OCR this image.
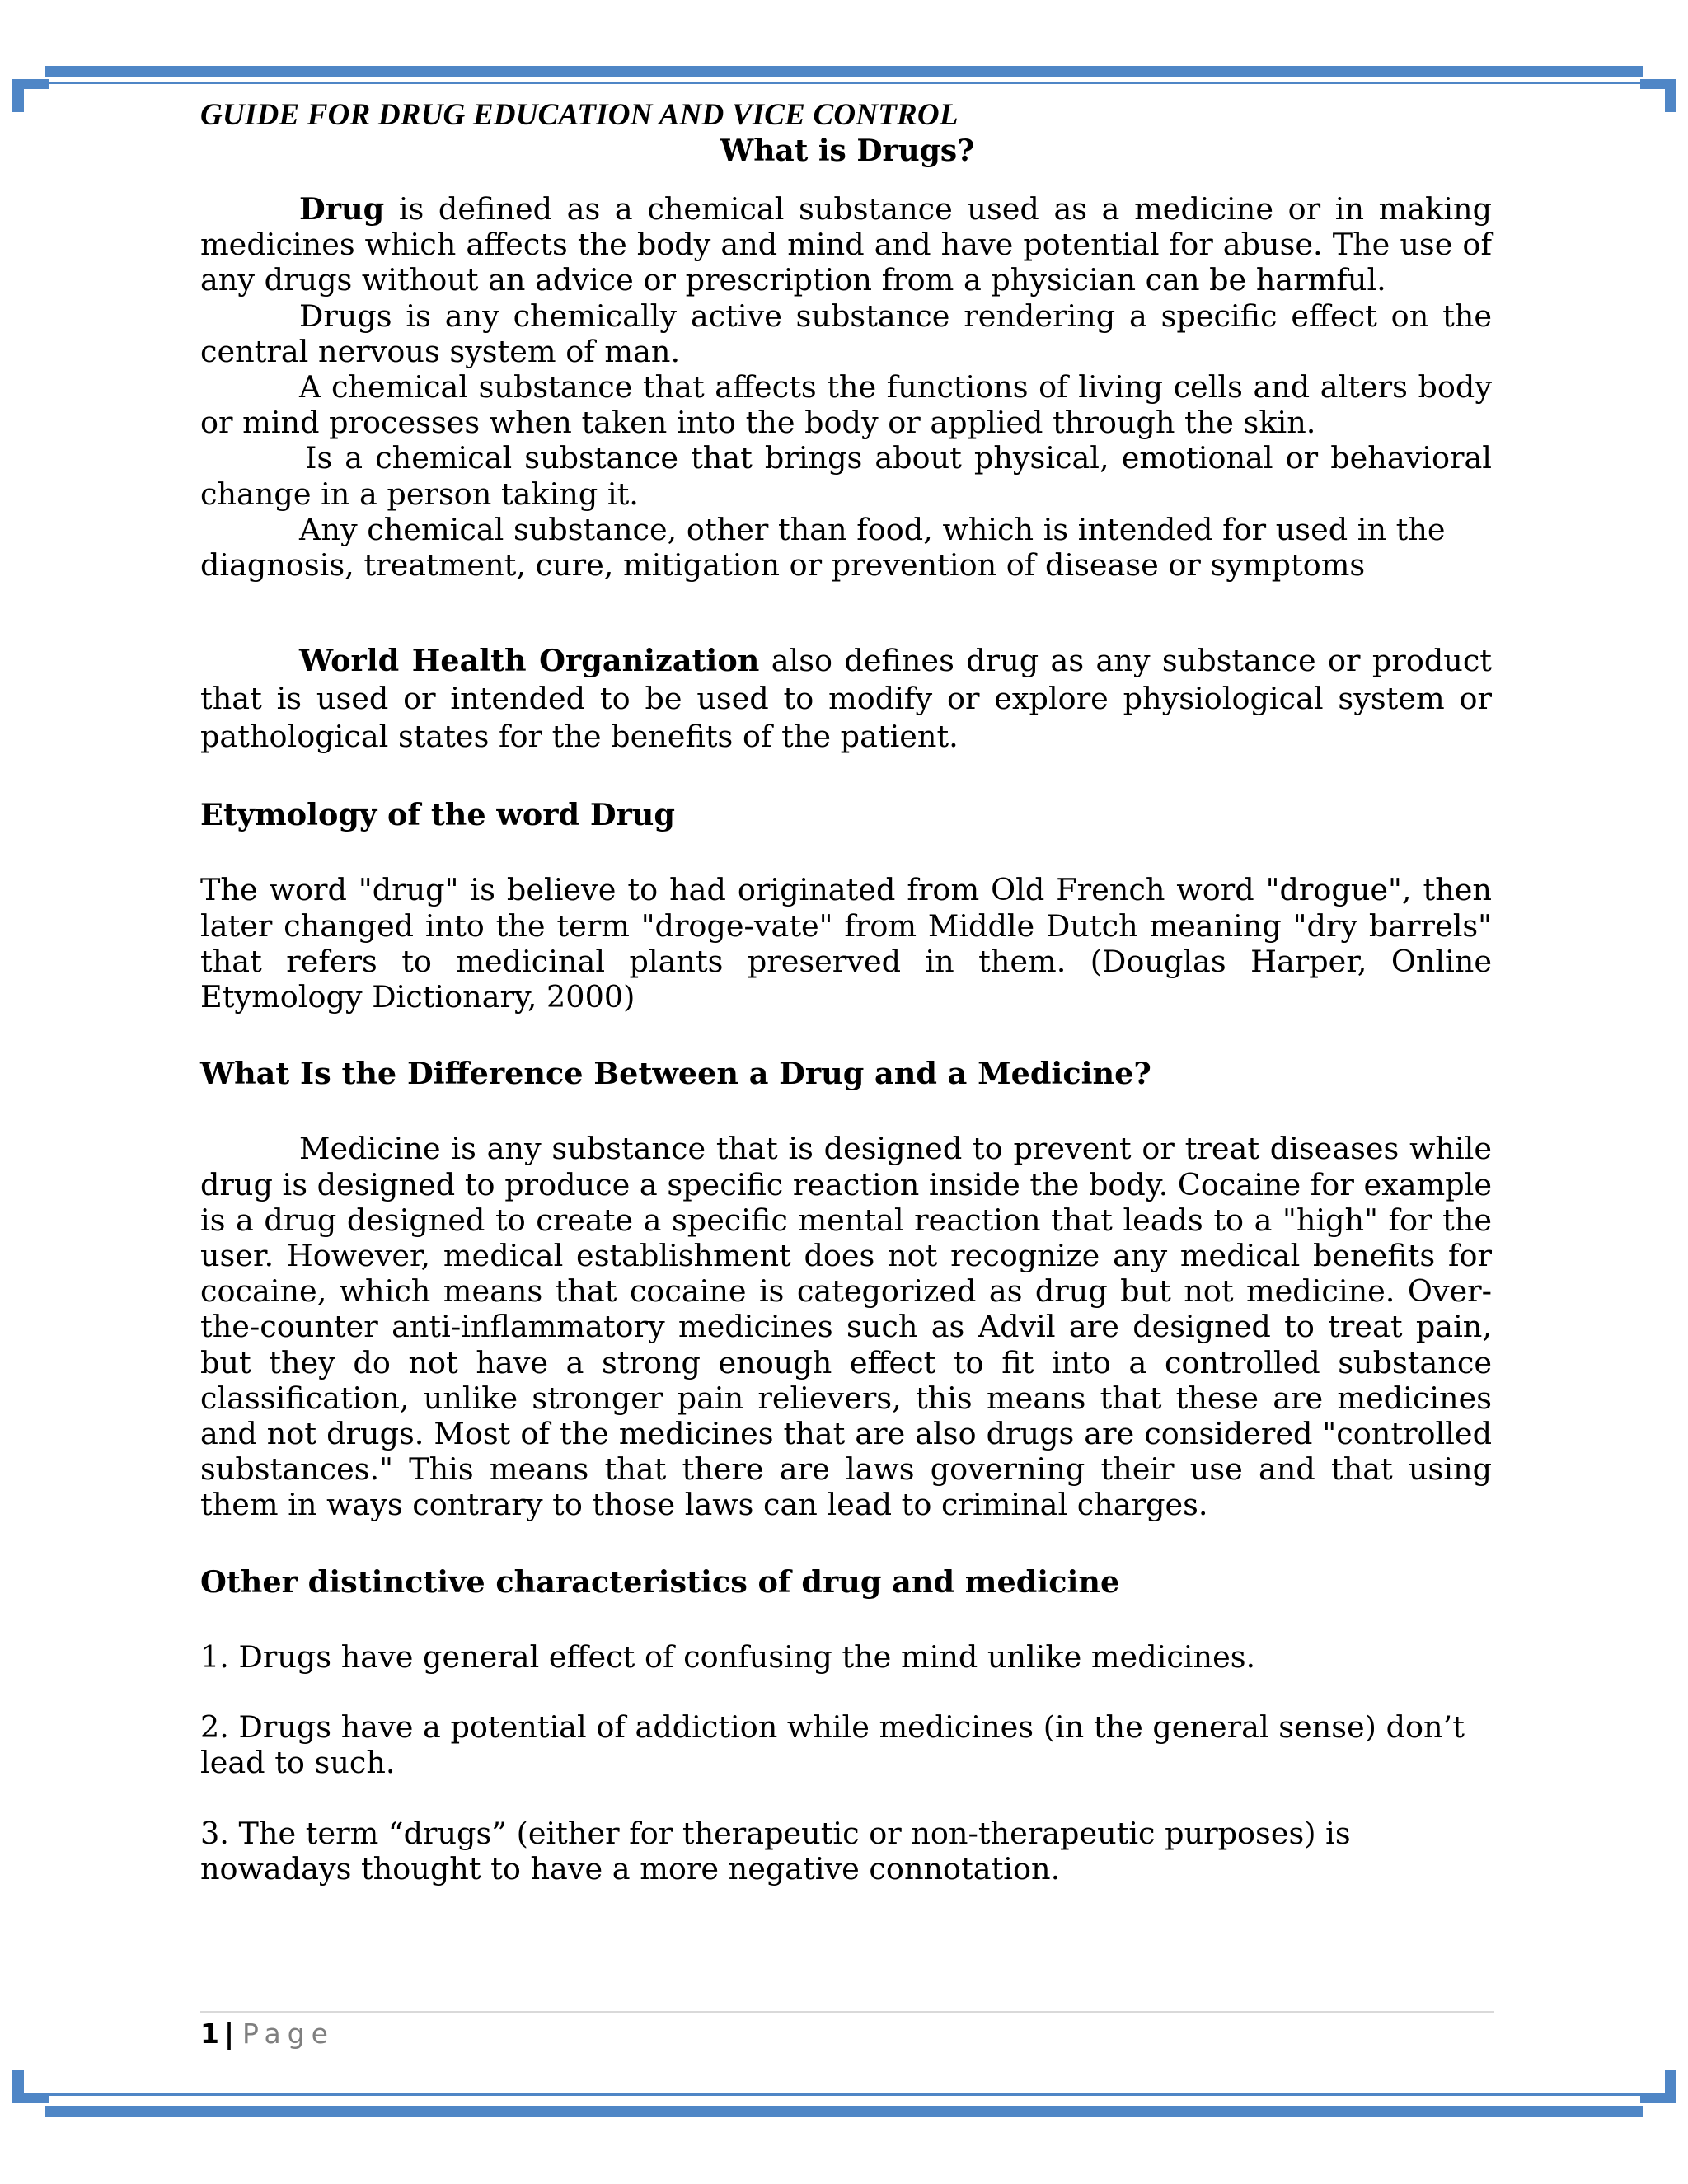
GUIDE FOR DRUG EDUCATION AND VICE CONTROL
What is Drugs?

Drug is defined as a chemical substance used as a medicine or in making medicines which affects the body and mind and have potential for abuse. The use of any drugs without an advice or prescription from a physician can be harmful.

Drugs is any chemically active substance rendering a specific effect on the central nervous system of man.

A chemical substance that affects the functions of living cells and alters body or mind processes when taken into the body or applied through the skin.

Is a chemical substance that brings about physical, emotional or behavioral change in a person taking it.

Any chemical substance, other than food, which is intended for used in the diagnosis, treatment, cure, mitigation or prevention of disease or symptoms

World Health Organization also defines drug as any substance or product that is used or intended to be used to modify or explore physiological system or pathological states for the benefits of the patient.

Etymology of the word Drug

The word "drug" is believe to had originated from Old French word "drogue", then later changed into the term "droge-vate" from Middle Dutch meaning "dry barrels" that refers to medicinal plants preserved in them. (Douglas Harper, Online Etymology Dictionary, 2000)

What Is the Difference Between a Drug and a Medicine?

Medicine is any substance that is designed to prevent or treat diseases while drug is designed to produce a specific reaction inside the body. Cocaine for example is a drug designed to create a specific mental reaction that leads to a "high" for the user. However, medical establishment does not recognize any medical benefits for cocaine, which means that cocaine is categorized as drug but not medicine. Over-the-counter anti-inflammatory medicines such as Advil are designed to treat pain, but they do not have a strong enough effect to fit into a controlled substance classification, unlike stronger pain relievers, this means that these are medicines and not drugs. Most of the medicines that are also drugs are considered "controlled substances." This means that there are laws governing their use and that using them in ways contrary to those laws can lead to criminal charges.

Other distinctive characteristics of drug and medicine

1. Drugs have general effect of confusing the mind unlike medicines.

2. Drugs have a potential of addiction while medicines (in the general sense) don’t lead to such.

3. The term “drugs” (either for therapeutic or non-therapeutic purposes) is nowadays thought to have a more negative connotation.

1 | Page
